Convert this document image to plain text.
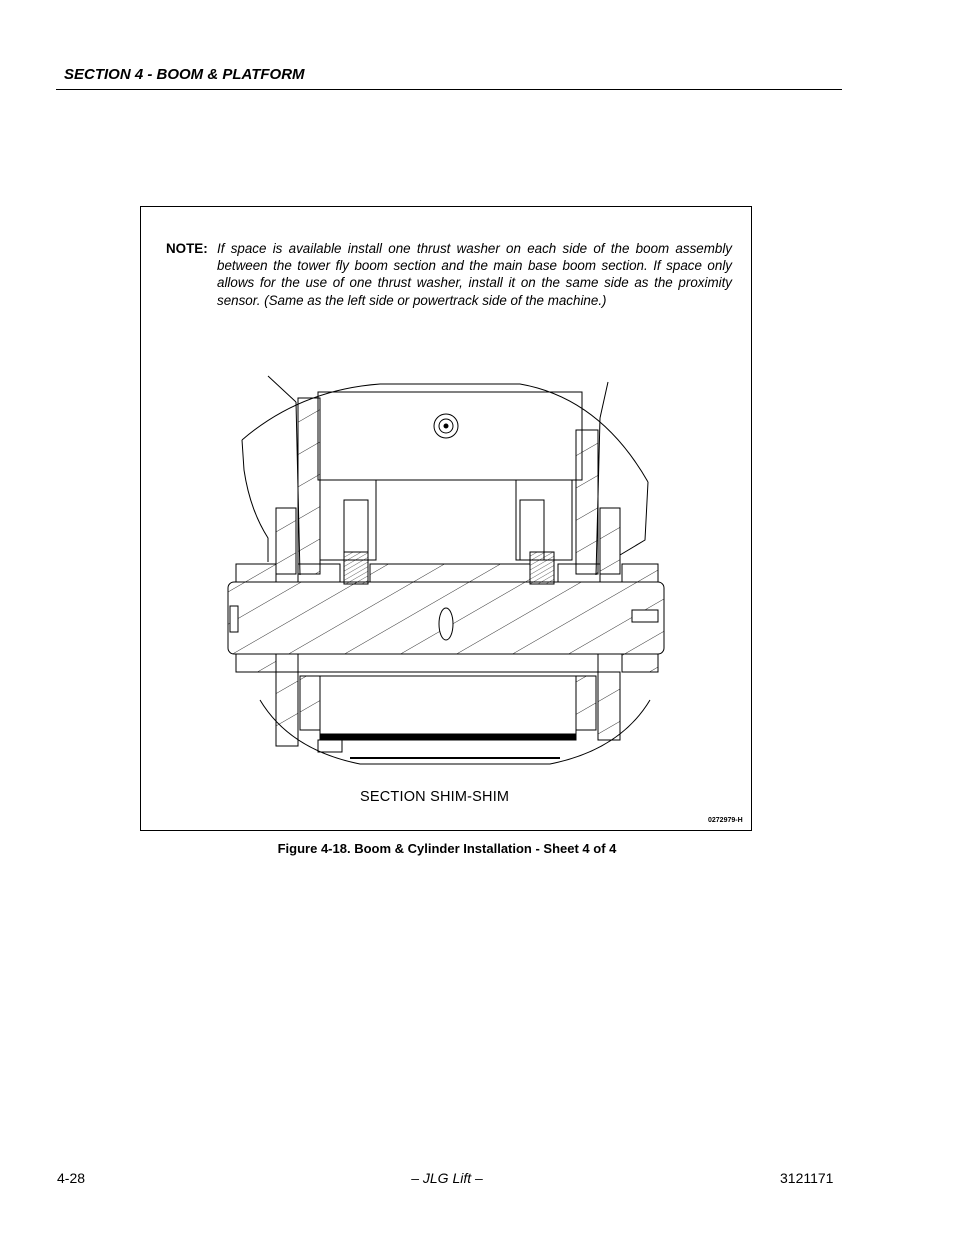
SECTION 4 - BOOM & PLATFORM
NOTE: If space is available install one thrust washer on each side of the boom assembly between the tower fly boom section and the main base boom section. If space only allows for the use of one thrust washer, install it on the same side as the proximity sensor. (Same as the left side or powertrack side of the machine.)
SECTION SHIM-SHIM
0272979-H
Figure 4-18. Boom & Cylinder Installation - Sheet 4 of 4
4-28	– JLG Lift –	3121171
